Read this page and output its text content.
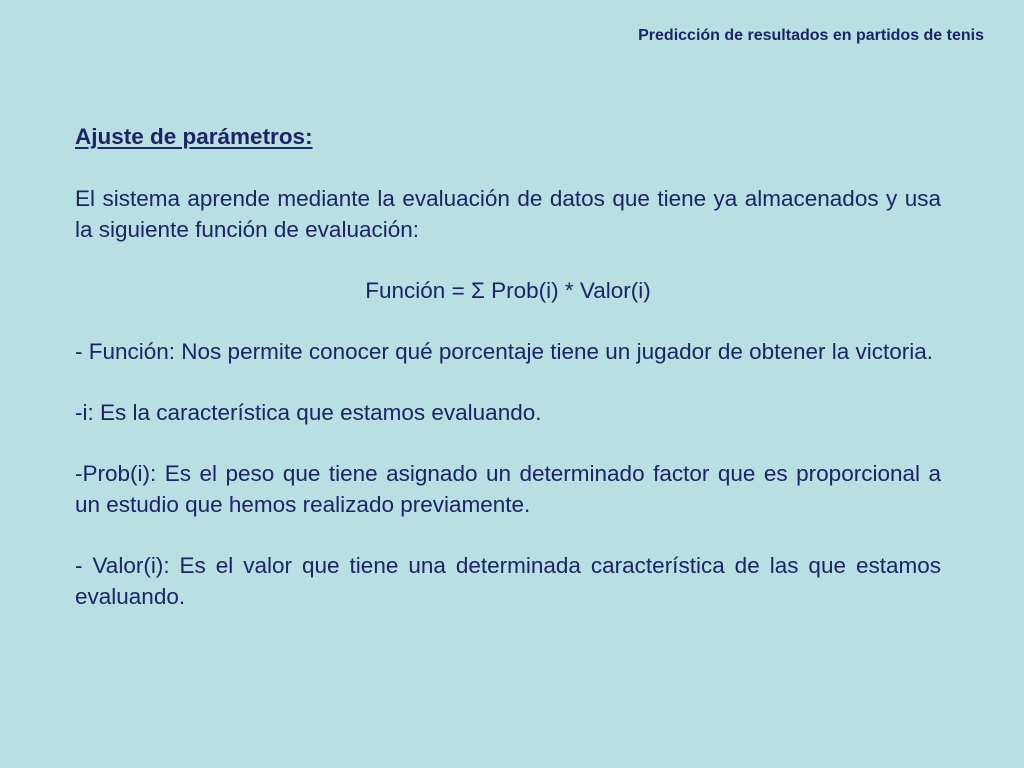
Predicción de resultados en partidos de tenis
Ajuste de parámetros:
El sistema aprende mediante la evaluación de datos que tiene ya almacenados y usa la siguiente función de evaluación:
Función = Σ Prob(i) * Valor(i)
- Función: Nos permite conocer qué porcentaje tiene un jugador de obtener la victoria.
-i: Es la característica que estamos evaluando.
-Prob(i): Es el peso que tiene asignado un determinado factor que es proporcional a un estudio que hemos realizado previamente.
- Valor(i): Es el valor que tiene una determinada característica de las que estamos evaluando.
